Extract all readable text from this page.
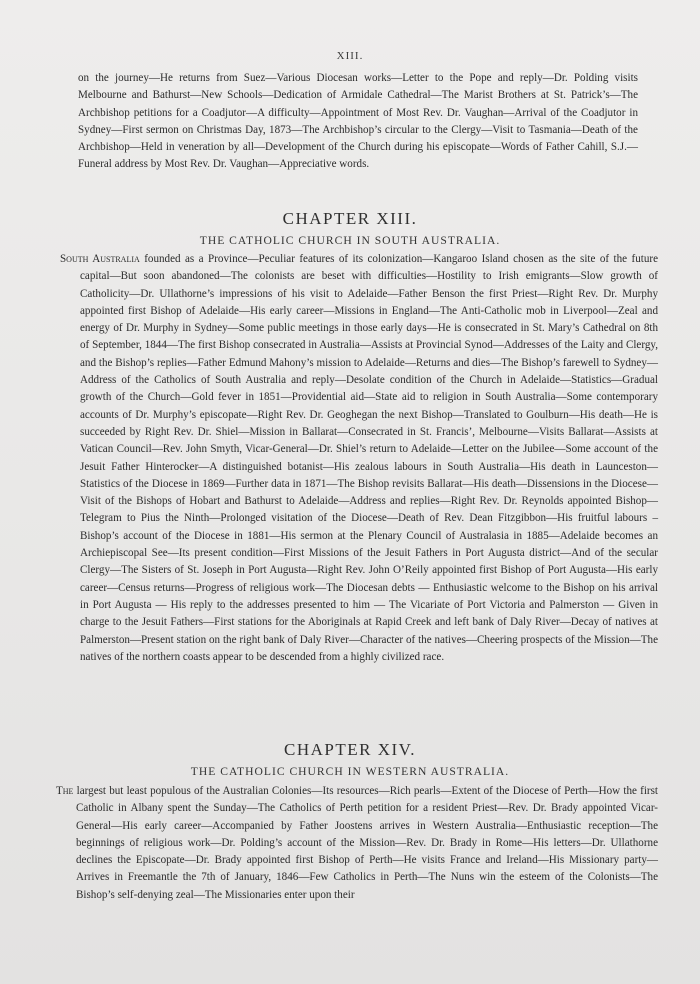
XIII.

on the journey—He returns from Suez—Various Diocesan works—Letter to the Pope and reply—Dr. Polding visits Melbourne and Bathurst—New Schools—Dedication of Armidale Cathedral—The Marist Brothers at St. Patrick’s—The Archbishop petitions for a Coadjutor—A difficulty—Appointment of Most Rev. Dr. Vaughan—Arrival of the Coadjutor in Sydney—First sermon on Christmas Day, 1873—The Archbishop’s circular to the Clergy—Visit to Tasmania—Death of the Archbishop—Held in veneration by all—Development of the Church during his episcopate—Words of Father Cahill, S.J.—Funeral address by Most Rev. Dr. Vaughan—Appreciative words.

CHAPTER XIII.
THE CATHOLIC CHURCH IN SOUTH AUSTRALIA.

South Australia founded as a Province—Peculiar features of its colonization—Kangaroo Island chosen as the site of the future capital—But soon abandoned—The colonists are beset with difficulties—Hostility to Irish emigrants—Slow growth of Catholicity—Dr. Ullathorne’s impressions of his visit to Adelaide—Father Benson the first Priest—Right Rev. Dr. Murphy appointed first Bishop of Adelaide—His early career—Missions in England—The Anti-Catholic mob in Liverpool—Zeal and energy of Dr. Murphy in Sydney—Some public meetings in those early days—He is consecrated in St. Mary’s Cathedral on 8th of September, 1844—The first Bishop consecrated in Australia—Assists at Provincial Synod—Addresses of the Laity and Clergy, and the Bishop’s replies—Father Edmund Mahony’s mission to Adelaide—Returns and dies—The Bishop’s farewell to Sydney—Address of the Catholics of South Australia and reply—Desolate condition of the Church in Adelaide—Statistics—Gradual growth of the Church—Gold fever in 1851—Providential aid—State aid to religion in South Australia—Some contemporary accounts of Dr. Murphy’s episcopate—Right Rev. Dr. Geoghegan the next Bishop—Translated to Goulburn—His death—He is succeeded by Right Rev. Dr. Shiel—Mission in Ballarat—Consecrated in St. Francis’, Melbourne—Visits Ballarat—Assists at Vatican Council—Rev. John Smyth, Vicar-General—Dr. Shiel’s return to Adelaide—Letter on the Jubilee—Some account of the Jesuit Father Hinterocker—A distinguished botanist—His zealous labours in South Australia—His death in Launceston—Statistics of the Diocese in 1869—Further data in 1871—The Bishop revisits Ballarat—His death—Dissensions in the Diocese—Visit of the Bishops of Hobart and Bathurst to Adelaide—Address and replies—Right Rev. Dr. Reynolds appointed Bishop—Telegram to Pius the Ninth—Prolonged visitation of the Diocese—Death of Rev. Dean Fitzgibbon—His fruitful labours – Bishop’s account of the Diocese in 1881—His sermon at the Plenary Council of Australasia in 1885—Adelaide becomes an Archiepiscopal See—Its present condition—First Missions of the Jesuit Fathers in Port Augusta district—And of the secular Clergy—The Sisters of St. Joseph in Port Augusta—Right Rev. John O’Reily appointed first Bishop of Port Augusta—His early career—Census returns—Progress of religious work—The Diocesan debts — Enthusiastic welcome to the Bishop on his arrival in Port Augusta — His reply to the addresses presented to him — The Vicariate of Port Victoria and Palmerston — Given in charge to the Jesuit Fathers—First stations for the Aboriginals at Rapid Creek and left bank of Daly River—Decay of natives at Palmerston—Present station on the right bank of Daly River—Character of the natives—Cheering prospects of the Mission—The natives of the northern coasts appear to be descended from a highly civilized race.

CHAPTER XIV.
THE CATHOLIC CHURCH IN WESTERN AUSTRALIA.

The largest but least populous of the Australian Colonies—Its resources—Rich pearls—Extent of the Diocese of Perth—How the first Catholic in Albany spent the Sunday—The Catholics of Perth petition for a resident Priest—Rev. Dr. Brady appointed Vicar-General—His early career—Accompanied by Father Joostens arrives in Western Australia—Enthusiastic reception—The beginnings of religious work—Dr. Polding’s account of the Mission—Rev. Dr. Brady in Rome—His letters—Dr. Ullathorne declines the Episcopate—Dr. Brady appointed first Bishop of Perth—He visits France and Ireland—His Missionary party—Arrives in Freemantle the 7th of January, 1846—Few Catholics in Perth—The Nuns win the esteem of the Colonists—The Bishop’s self-denying zeal—The Missionaries enter upon their
